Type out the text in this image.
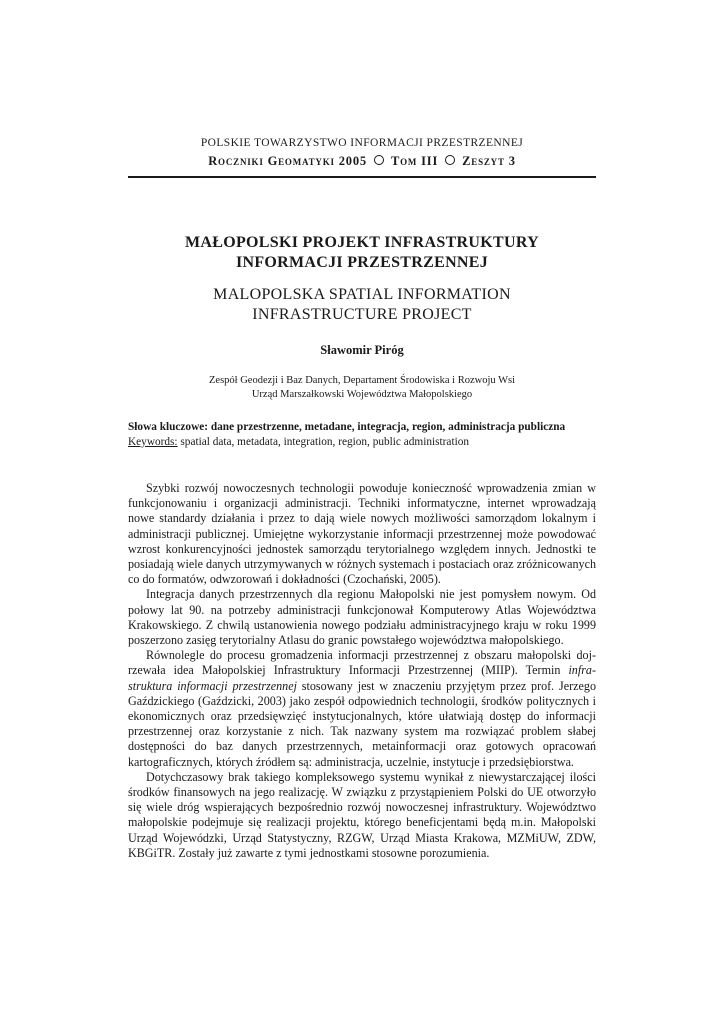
POLSKIE TOWARZYSTWO INFORMACJI PRZESTRZENNEJ
Roczniki Geomatyki 2005 Tom III Zeszyt 3
MAŁOPOLSKI PROJEKT INFRASTRUKTURY
INFORMACJI PRZESTRZENNEJ
MALOPOLSKA SPATIAL INFORMATION
INFRASTRUCTURE PROJECT
Sławomir Piróg
Zespół Geodezji i Baz Danych, Departament Środowiska i Rozwoju Wsi
Urząd Marszałkowski Województwa Małopolskiego
Słowa kluczowe: dane przestrzenne, metadane, integracja, region, administracja publiczna
Keywords: spatial data, metadata, integration, region, public administration

Szybki rozwój nowoczesnych technologii powoduje konieczność wprowadzenia zmian w funkcjonowaniu i organizacji administracji. Techniki informatyczne, internet wprowadzają nowe standardy działania i przez to dają wiele nowych możliwości samorządom lokalnym i administracji publicznej. Umiejętne wykorzystanie informacji przestrzennej może powodować wzrost konkurencyjności jednostek samorządu terytorialnego względem innych. Jednostki te posiadają wiele danych utrzymywanych w różnych systemach i postaciach oraz zróżnicowanych co do formatów, odwzorowań i dokładności (Czochański, 2005).

Integracja danych przestrzennych dla regionu Małopolski nie jest pomysłem nowym. Od połowy lat 90. na potrzeby administracji funkcjonował Komputerowy Atlas Województwa Krakowskiego. Z chwilą ustanowienia nowego podziału administracyjnego kraju w roku 1999 poszerzono zasięg terytorialny Atlasu do granic powstałego województwa małopolskiego.

Równolegle do procesu gromadzenia informacji przestrzennej z obszaru małopolski dojrzewała idea Małopolskiej Infrastruktury Informacji Przestrzennej (MIIP). Termin infrastruktura informacji przestrzennej stosowany jest w znaczeniu przyjętym przez prof. Jerzego Gaździckiego (Gaździcki, 2003) jako zespół odpowiednich technologii, środków politycznych i ekonomicznych oraz przedsięwzięć instytucjonalnych, które ułatwiają dostęp do informacji przestrzennej oraz korzystanie z nich. Tak nazwany system ma rozwiązać problem słabej dostępności do baz danych przestrzennych, metainformacji oraz gotowych opracowań kartograficznych, których źródłem są: administracja, uczelnie, instytucje i przedsiębiorstwa.

Dotychczasowy brak takiego kompleksowego systemu wynikał z niewystarczającej ilości środków finansowych na jego realizację. W związku z przystąpieniem Polski do UE otworzyło się wiele dróg wspierających bezpośrednio rozwój nowoczesnej infrastruktury. Województwo małopolskie podejmuje się realizacji projektu, którego beneficjentami będą m.in. Małopolski Urząd Wojewódzki, Urząd Statystyczny, RZGW, Urząd Miasta Krakowa, MZMiUW, ZDW, KBGiTR. Zostały już zawarte z tymi jednostkami stosowne porozumienia.
